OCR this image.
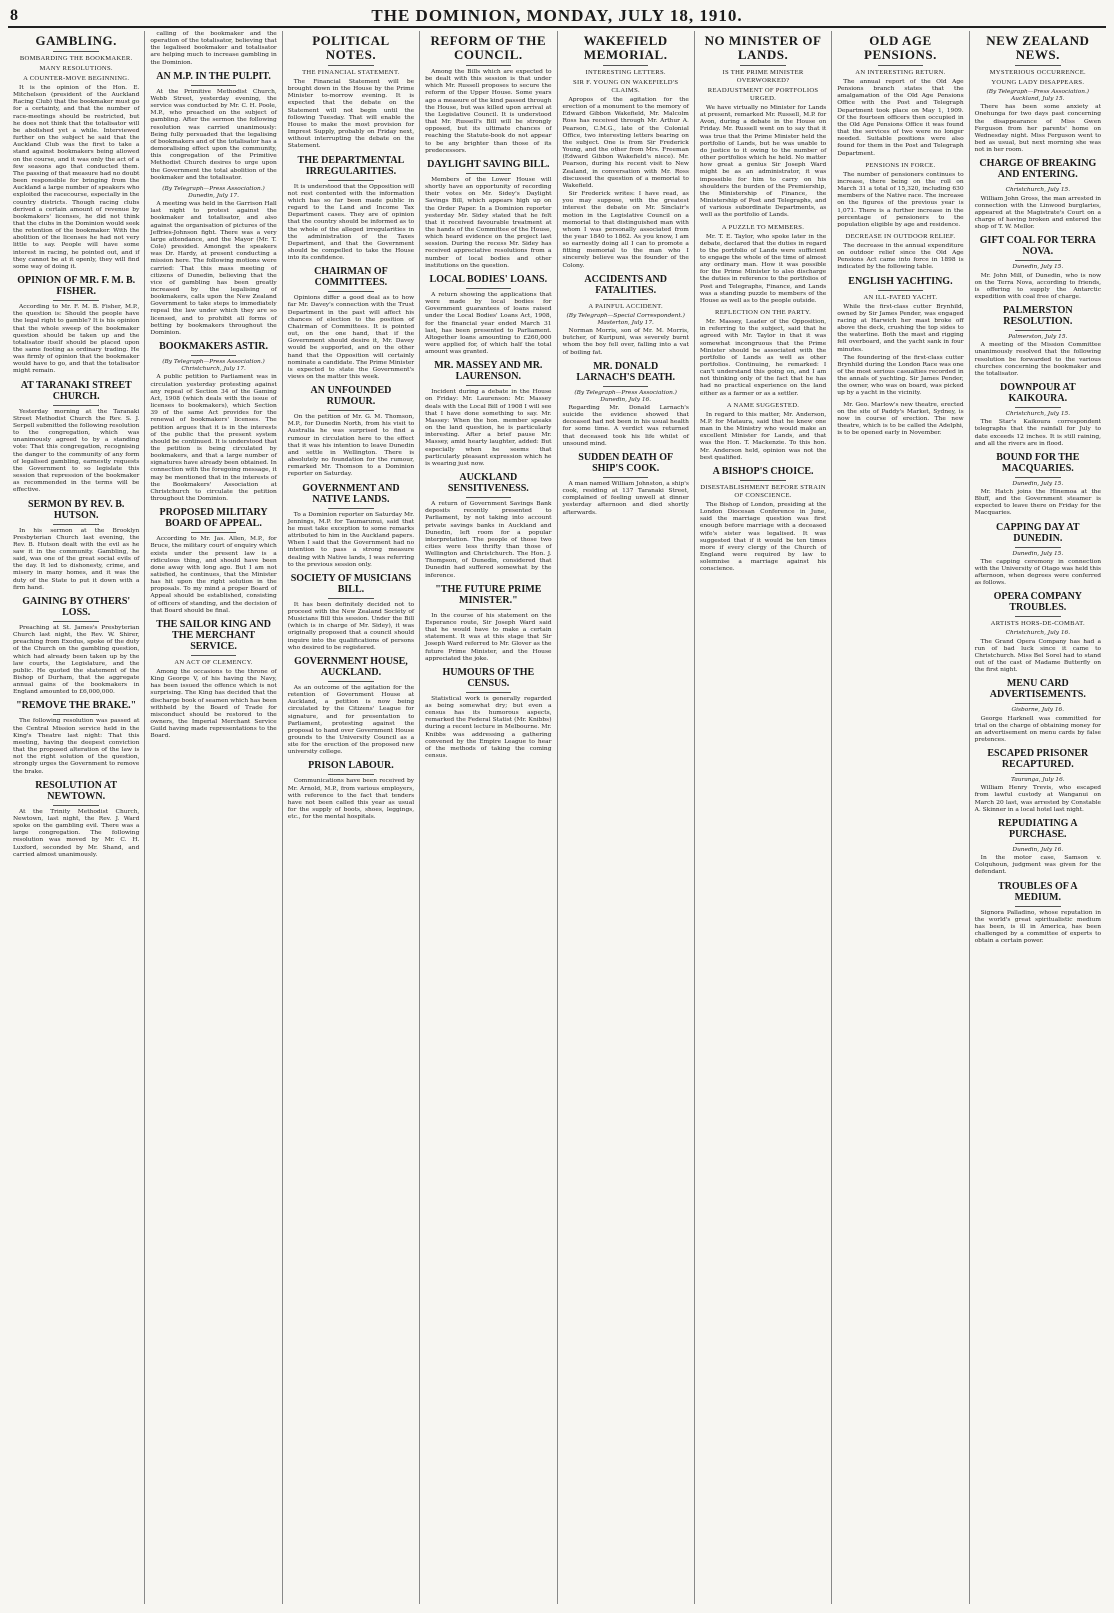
8	THE DOMINION, MONDAY, JULY 18, 1910.
GAMBLING.
BOMBARDING THE BOOKMAKER.
MANY RESOLUTIONS.
A COUNTER-MOVE BEGINNING.

It is the opinion of the Hon. E. Mitchelson (president of the Auckland Racing Club) that the bookmaker must go for a certainty, and that the number of race-meetings should be restricted, but he does not think that the totalisator will be abolished yet a while. Interviewed further on the subject he said that the Auckland Club was the first to take a stand against bookmakers being allowed on the course, and it was only the act of a few seasons ago that conducted them. The passing of that measure had no doubt been responsible for bringing from the Auckland a large number of speakers who exploited the racecourse, especially in the country districts. Though racing clubs derived a certain amount of revenue by bookmakers' licenses, he did not think that the clubs in the Dominion would seek the retention of the bookmaker. With the abolition of the licenses he had not very little to say. People will have some interest in racing, he pointed out, and if they cannot be at it openly, they will find some way of doing it.

OPINION OF MR. F. M. B. FISHER.

According to Mr. F. M. B. Fisher, M.P., the question is: Should the people have the legal right to gamble? It is his opinion that the whole sweep of the bookmaker question should be taken up and the totalisator itself should be placed upon the same footing as ordinary trading. He was firmly of opinion that the bookmaker would have to go, and that the totalisator might remain.

AT TARANAKI STREET CHURCH.

Yesterday morning at the Taranaki Street Methodist Church the Rev. S. J. Serpell submitted the following resolution to the congregation, which was unanimously agreed to by a standing vote: That this congregation, recognising the danger to the community of any form of legalised gambling, earnestly requests the Government to so legislate this session that repression of the bookmaker as recommended in the terms will be effective.

SERMON BY REV. B. HUTSON.

In his sermon at the Brooklyn Presbyterian Church last evening, the Rev. B. Hutson dealt with the evil as he saw it in the community. Gambling, he said, was one of the great social evils of the day. It led to dishonesty, crime, and misery in many homes, and it was the duty of the State to put it down with a firm hand.

GAINING BY OTHERS' LOSS.

Preaching at St. James's Presbyterian Church last night, the Rev. W. Shirer, preaching from Exodus, spoke of the duty of the Church on the gambling question, which had already been taken up by the law courts, the Legislature, and the public. He quoted the statement of the Bishop of Durham, that the aggregate annual gains of the bookmakers in England amounted to £6,000,000.

"REMOVE THE BRAKE."

The following resolution was passed at the Central Mission service held in the King's Theatre last night: That this meeting, having the deepest conviction that the proposed alteration of the law is not the right solution of the question, strongly urges the Government to remove the brake.

RESOLUTION AT NEWTOWN.

At the Trinity Methodist Church, Newtown, last night, the Rev. J. Ward spoke on the gambling evil. There was a large congregation. The following resolution was moved by Mr. C. H. Luxford, seconded by Mr. Shand, and carried almost unanimously.

calling of the bookmaker and the operation of the totalisator, believing that the legalised bookmaker and totalisator are helping much to increase gambling in the Dominion.

AN M.P. IN THE PULPIT.

At the Primitive Methodist Church, Webb Street, yesterday evening, the service was conducted by Mr. C. H. Poole, M.P., who preached on the subject of gambling. After the sermon the following resolution was carried unanimously: Being fully persuaded that the legalising of bookmakers and of the totalisator has a demoralising effect upon the community, this congregation of the Primitive Methodist Church desires to urge upon the Government the total abolition of the bookmaker and the totalisator.

(By Telegraph—Press Association.) Dunedin, July 17.

A meeting was held in the Garrison Hall last night to protest against the bookmaker and totalisator, and also against the organisation of pictures of the Jeffries-Johnson fight. There was a very large attendance, and the Mayor (Mr. T. Cole) presided. Amongst the speakers was Dr. Hardy, at present conducting a mission here. The following motions were carried: That this mass meeting of citizens of Dunedin, believing that the vice of gambling has been greatly increased by the legalising of bookmakers, calls upon the New Zealand Government to take steps to immediately repeal the law under which they are so licensed, and to prohibit all forms of betting by bookmakers throughout the Dominion.

BOOKMAKERS ASTIR.
(By Telegraph—Press Association.) Christchurch, July 17.

A public petition to Parliament was in circulation yesterday protesting against any repeal of Section 34 of the Gaming Act, 1908 (which deals with the issue of licenses to bookmakers), which Section 39 of the same Act provides for the renewal of bookmakers' licenses. The petition argues that it is in the interests of the public that the present system should be continued. It is understood that the petition is being circulated by bookmakers, and that a large number of signatures have already been obtained. In connection with the foregoing message, it may be mentioned that in the interests of the Bookmakers' Association at Christchurch to circulate the petition throughout the Dominion.

PROPOSED MILITARY BOARD OF APPEAL.

According to Mr. Jas. Allen, M.P., for Bruce, the military court of enquiry which exists under the present law is a ridiculous thing, and should have been done away with long ago. But I am not satisfied, he continues, that the Minister has hit upon the right solution in the proposals. To my mind a proper Board of Appeal should be established, consisting of officers of standing, and the decision of that Board should be final.

THE SAILOR KING AND THE MERCHANT SERVICE.
AN ACT OF CLEMENCY.

Among the occasions to the throne of King George V, of his having the Navy, has been issued the offence which is not surprising. The King has decided that the discharge book of seamen which has been withheld by the Board of Trade for misconduct should be restored to the owners, the Imperial Merchant Service Guild having made representations to the Board.

POLITICAL NOTES.
THE FINANCIAL STATEMENT.

The Financial Statement will be brought down in the House by the Prime Minister to-morrow evening. It is expected that the debate on the Statement will not begin until the following Tuesday. That will enable the House to make the most provision for Imprest Supply, probably on Friday next, without interrupting the debate on the Statement.

THE DEPARTMENTAL IRREGULARITIES.

It is understood that the Opposition will not rest contented with the information which has so far been made public in regard to the Land and Income Tax Department cases. They are of opinion that the country should be informed as to the whole of the alleged irregularities in the administration of the Taxes Department, and that the Government should be compelled to take the House into its confidence.

CHAIRMAN OF COMMITTEES.

Opinions differ a good deal as to how far Mr. Davey's connection with the Trust Department in the past will affect his chances of election to the position of Chairman of Committees. It is pointed out, on the one hand, that if the Government should desire it, Mr. Davey would be supported, and on the other hand that the Opposition will certainly nominate a candidate. The Prime Minister is expected to state the Government's views on the matter this week.

AN UNFOUNDED RUMOUR.

On the petition of Mr. G. M. Thomson, M.P., for Dunedin North, from his visit to Australia he was surprised to find a rumour in circulation here to the effect that it was his intention to leave Dunedin and settle in Wellington. There is absolutely no foundation for the rumour, remarked Mr. Thomson to a Dominion reporter on Saturday.

GOVERNMENT AND NATIVE LANDS.

To a Dominion reporter on Saturday Mr. Jennings, M.P. for Taumarunui, said that he must take exception to some remarks attributed to him in the Auckland papers. When I said that the Government had no intention to pass a strong measure dealing with Native lands, I was referring to the previous session only.

SOCIETY OF MUSICIANS BILL.

It has been definitely decided not to proceed with the New Zealand Society of Musicians Bill this session. Under the Bill (which is in charge of Mr. Sidey), it was originally proposed that a council should inquire into the qualifications of persons who desired to be registered.

GOVERNMENT HOUSE, AUCKLAND.

As an outcome of the agitation for the retention of Government House at Auckland, a petition is now being circulated by the Citizens' League for signature, and for presentation to Parliament, protesting against the proposal to hand over Government House grounds to the University Council as a site for the erection of the proposed new university college.

PRISON LABOUR.

Communications have been received by Mr. Arnold, M.P., from various employers, with reference to the fact that tenders have not been called this year as usual for the supply of boots, shoes, leggings, etc., for the mental hospitals.

REFORM OF THE COUNCIL.

Among the Bills which are expected to be dealt with this session is that under which Mr. Russell proposes to secure the reform of the Upper House. Some years ago a measure of the kind passed through the House, but was killed upon arrival at the Legislative Council. It is understood that Mr. Russell's Bill will be strongly opposed, but its ultimate chances of reaching the Statute-book do not appear to be any brighter than those of its predecessors.

DAYLIGHT SAVING BILL.

Members of the Lower House will shortly have an opportunity of recording their votes on Mr. Sidey's Daylight Savings Bill, which appears high up on the Order Paper. In a Dominion reporter yesterday Mr. Sidey stated that he felt that it received favourable treatment at the hands of the Committee of the House, which heard evidence on the project last session. During the recess Mr. Sidey has received appreciative resolutions from a number of local bodies and other institutions on the question.

LOCAL BODIES' LOANS.

A return showing the applications that were made by local bodies for Government guarantees of loans raised under the Local Bodies' Loans Act, 1908, for the financial year ended March 31 last, has been presented to Parliament. Altogether loans amounting to £260,000 were applied for, of which half the total amount was granted.

MR. MASSEY AND MR. LAURENSON.

Incident during a debate in the House on Friday: Mr. Laurenson: Mr. Massey deals with the Local Bill of 1908 I will see that I have done something to say. Mr. Massey: When the hon. member speaks on the land question, he is particularly interesting. After a brief pause Mr. Massey, amid hearty laughter, added: But especially when he seems that particularly pleasant expression which he is wearing just now.

AUCKLAND SENSITIVENESS.

A return of Government Savings Bank deposits recently presented to Parliament, by not taking into account private savings banks in Auckland and Dunedin, left room for a popular interpretation. The people of those two cities were less thrifty than those of Wellington and Christchurch. The Hon. J. Thompson, of Dunedin, considered that Dunedin had suffered somewhat by the inference.

"THE FUTURE PRIME MINISTER."

In the course of his statement on the Esperance route, Sir Joseph Ward said that he would have to make a certain statement. It was at this stage that Sir Joseph Ward referred to Mr. Glover as the future Prime Minister, and the House appreciated the joke.

HUMOURS OF THE CENSUS.

Statistical work is generally regarded as being somewhat dry; but even a census has its humorous aspects, remarked the Federal Statist (Mr. Knibbs) during a recent lecture in Melbourne. Mr. Knibbs was addressing a gathering convened by the Empire League to hear of the methods of taking the coming census.

WAKEFIELD MEMORIAL.
INTERESTING LETTERS.
SIR F. YOUNG ON WAKEFIELD'S CLAIMS.

Apropos of the agitation for the erection of a monument to the memory of Edward Gibbon Wakefield, Mr. Malcolm Ross has received through Mr. Arthur A. Pearson, C.M.G., late of the Colonial Office, two interesting letters bearing on the subject. One is from Sir Frederick Young, and the other from Mrs. Freeman (Edward Gibbon Wakefield's niece). Mr. Pearson, during his recent visit to New Zealand, in conversation with Mr. Ross discussed the question of a memorial to Wakefield.

Sir Frederick writes: I have read, as you may suppose, with the greatest interest the debate on Mr. Sinclair's motion in the Legislative Council on a memorial to that distinguished man with whom I was personally associated from the year 1840 to 1862. As you know, I am so earnestly doing all I can to promote a fitting memorial to the man who I sincerely believe was the founder of the Colony.

ACCIDENTS AND FATALITIES.
A PAINFUL ACCIDENT.
(By Telegraph—Special Correspondent.) Masterton, July 17.

Norman Morris, son of Mr. M. Morris, butcher, of Kuripuni, was severely burnt whom the boy fell over, falling into a vat of boiling fat.

MR. DONALD LARNACH'S DEATH.
(By Telegraph—Press Association.) Dunedin, July 16.

Regarding Mr. Donald Larnach's suicide the evidence showed that deceased had not been in his usual health for some time. A verdict was returned that deceased took his life whilst of unsound mind.

SUDDEN DEATH OF SHIP'S COOK.

A man named William Johnston, a ship's cook, residing at 137 Taranaki Street, complained of feeling unwell at dinner yesterday afternoon and died shortly afterwards.

NO MINISTER OF LANDS.
IS THE PRIME MINISTER OVERWORKED?
READJUSTMENT OF PORTFOLIOS URGED.

We have virtually no Minister for Lands at present, remarked Mr. Russell, M.P. for Avon, during a debate in the House on Friday. Mr. Russell went on to say that it was true that the Prime Minister held the portfolio of Lands, but he was unable to do justice to it owing to the number of other portfolios which he held. No matter how great a genius Sir Joseph Ward might be as an administrator, it was impossible for him to carry on his shoulders the burden of the Premiership, the Ministership of Finance, the Ministership of Post and Telegraphs, and of various subordinate Departments, as well as the portfolio of Lands.

A PUZZLE TO MEMBERS.

Mr. T. E. Taylor, who spoke later in the debate, declared that the duties in regard to the portfolio of Lands were sufficient to engage the whole of the time of almost any ordinary man. How it was possible for the Prime Minister to also discharge the duties in reference to the portfolios of Post and Telegraphs, Finance, and Lands was a standing puzzle to members of the House as well as to the people outside.

REFLECTION ON THE PARTY.

Mr. Massey, Leader of the Opposition, in referring to the subject, said that he agreed with Mr. Taylor in that it was somewhat incongruous that the Prime Minister should be associated with the portfolio of Lands as well as other portfolios. Continuing, he remarked: I can't understand this going on, and I am not thinking only of the fact that he has had no practical experience on the land either as a farmer or as a settler.

A NAME SUGGESTED.

In regard to this matter, Mr. Anderson, M.P. for Mataura, said that he knew one man in the Ministry who would make an excellent Minister for Lands, and that was the Hon. T. Mackenzie. To this hon. Mr. Anderson held, opinion was not the best qualified.

A BISHOP'S CHOICE.
DISESTABLISHMENT BEFORE STRAIN OF CONSCIENCE.

The Bishop of London, presiding at the London Diocesan Conference in June, said the marriage question was first enough before marriage with a deceased wife's sister was legalised. It was suggested that if it would be ten times more if every clergy of the Church of England were required by law to solemnise a marriage against his conscience.

OLD AGE PENSIONS.
AN INTERESTING RETURN.

The annual report of the Old Age Pensions branch states that the amalgamation of the Old Age Pensions Office with the Post and Telegraph Department took place on May 1, 1909. Of the fourteen officers then occupied in the Old Age Pensions Office it was found that the services of two were no longer needed. Suitable positions were also found for them in the Post and Telegraph Department.

PENSIONS IN FORCE.

The number of pensioners continues to increase, there being on the roll on March 31 a total of 15,320, including 630 members of the Native race. The increase on the figures of the previous year is 1,071. There is a further increase in the percentage of pensioners to the population eligible by age and residence.

DECREASE IN OUTDOOR RELIEF.

The decrease in the annual expenditure on outdoor relief since the Old Age Pensions Act came into force in 1898 is indicated by the following table.

ENGLISH YACHTING.
AN ILL-FATED YACHT.

While the first-class cutter Brynhild, owned by Sir James Pender, was engaged racing at Harwich her mast broke off above the deck, crushing the top sides to the waterline. Both the mast and rigging fell overboard, and the yacht sank in four minutes.

The foundering of the first-class cutter Brynhild during the London Race was one of the most serious casualties recorded in the annals of yachting. Sir James Pender, the owner, who was on board, was picked up by a yacht in the vicinity.

Mr. Geo. Marlow's new theatre, erected on the site of Paddy's Market, Sydney, is now in course of erection. The new theatre, which is to be called the Adelphi, is to be opened early in November.

NEW ZEALAND NEWS.
MYSTERIOUS OCCURRENCE.
YOUNG LADY DISAPPEARS.
(By Telegraph—Press Association.) Auckland, July 15.

There has been some anxiety at Onehunga for two days past concerning the disappearance of Miss Gwen Ferguson from her parents' home on Wednesday night. Miss Ferguson went to bed as usual, but next morning she was not in her room.

CHARGE OF BREAKING AND ENTERING.
Christchurch, July 15.

William John Gross, the man arrested in connection with the Linwood burglaries, appeared at the Magistrate's Court on a charge of having broken and entered the shop of T. W. Mellor.

GIFT COAL FOR TERRA NOVA.
Dunedin, July 15.

Mr. John Mill, of Dunedin, who is now on the Terra Nova, according to friends, is offering to supply the Antarctic expedition with coal free of charge.

PALMERSTON RESOLUTION.
Palmerston, July 15.

A meeting of the Mission Committee unanimously resolved that the following resolution be forwarded to the various churches concerning the bookmaker and the totalisator.

DOWNPOUR AT KAIKOURA.
Christchurch, July 15.

The Star's Kaikoura correspondent telegraphs that the rainfall for July to date exceeds 12 inches. It is still raining, and all the rivers are in flood.

BOUND FOR THE MACQUARIES.
Dunedin, July 15.

Mr. Hatch joins the Hinemoa at the Bluff, and the Government steamer is expected to leave there on Friday for the Macquaries.

CAPPING DAY AT DUNEDIN.
Dunedin, July 15.

The capping ceremony in connection with the University of Otago was held this afternoon, when degrees were conferred as follows.

OPERA COMPANY TROUBLES.
ARTISTS HORS-DE-COMBAT.
Christchurch, July 16.

The Grand Opera Company has had a run of bad luck since it came to Christchurch. Miss Bel Sorel had to stand out of the cast of Madame Butterfly on the first night.

MENU CARD ADVERTISEMENTS.
Gisborne, July 16.

George Harknell was committed for trial on the charge of obtaining money for an advertisement on menu cards by false pretences.

ESCAPED PRISONER RECAPTURED.
Tauranga, July 16.

William Henry Trevis, who escaped from lawful custody at Wanganui on March 20 last, was arrested by Constable A. Skinner in a local hotel last night.

REPUDIATING A PURCHASE.
Dunedin, July 16.

In the motor case, Samson v. Colquhoun, judgment was given for the defendant.

TROUBLES OF A MEDIUM.

Signora Palladino, whose reputation in the world's great spiritualistic medium has been, is ill in America, has been challenged by a committee of experts to obtain a certain power.
